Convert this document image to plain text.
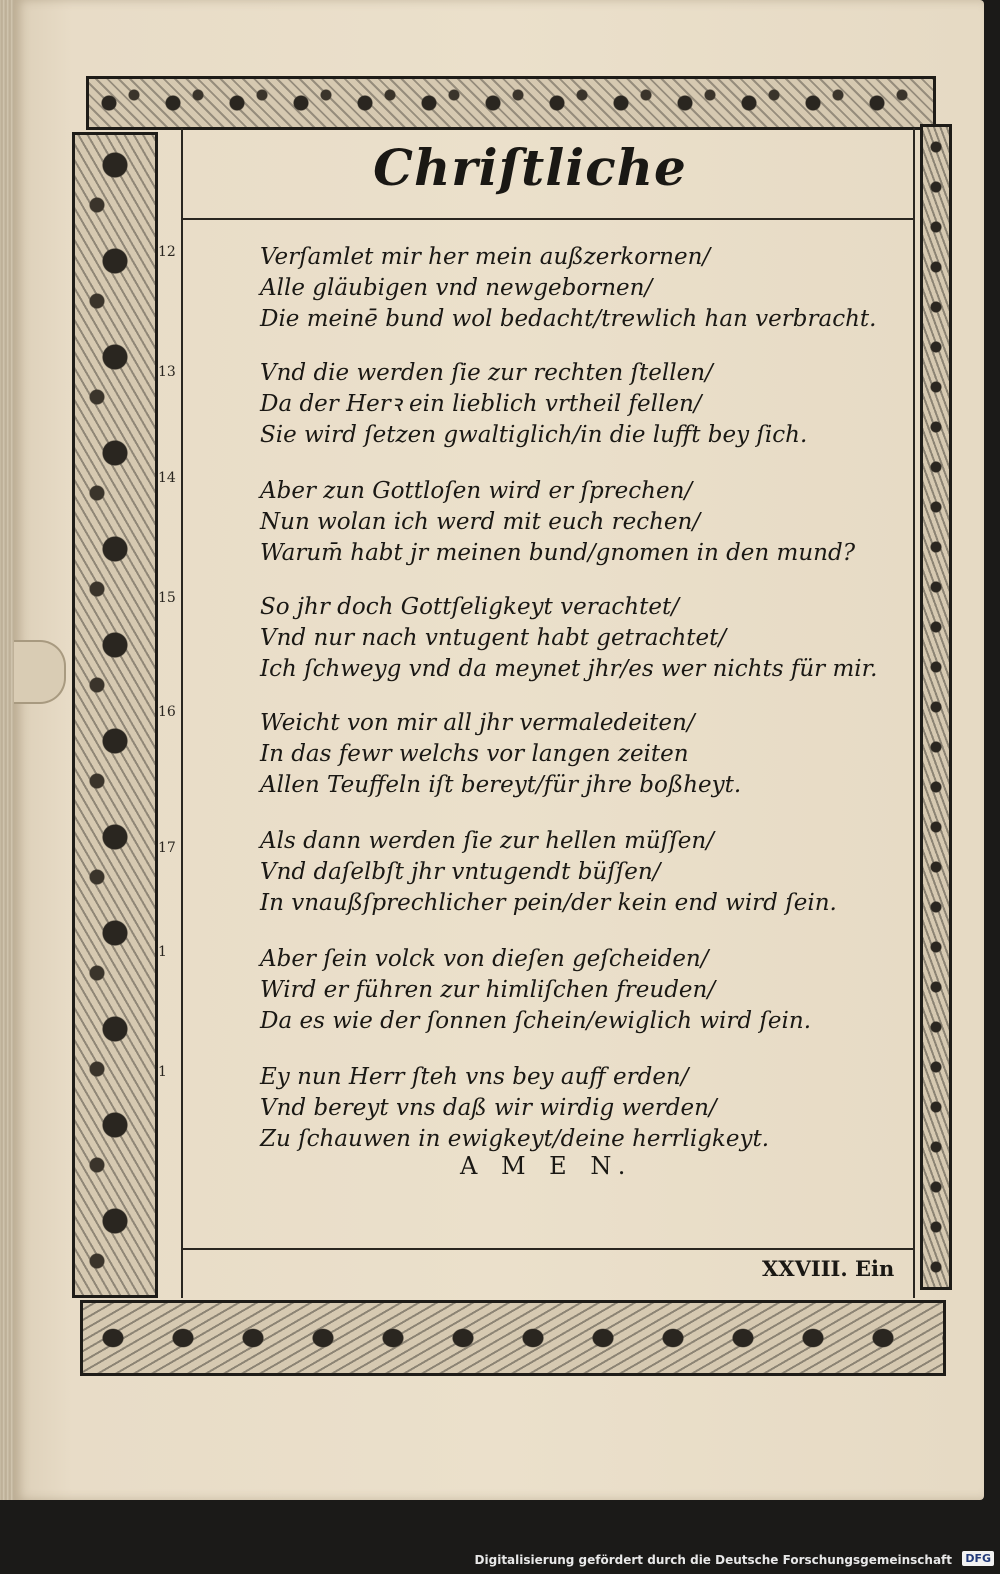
Chriſtliche
12	Verſamlet mir her mein außzerkornen/
Alle gläubigen vnd newgebornen/
Die meinē bund wol bedacht/trewlich han verbracht.
13	Vnd die werden ſie zur rechten ſtellen/
Da der Herꝛ ein lieblich vrtheil fellen/
Sie wird ſetzen gwaltiglich/in die lufft bey ſich.
14	Aber zun Gottloſen wird er ſprechen/
Nun wolan ich werd mit euch rechen/
Warum̄ habt jr meinen bund/gnomen in den mund?
15	So jhr doch Gottſeligkeyt verachtet/
Vnd nur nach vntugent habt getrachtet/
Ich ſchweyg vnd da meynet jhr/es wer nichts für mir.
16	Weicht von mir all jhr vermaledeiten/
In das fewr welchs vor langen zeiten
Allen Teuffeln iſt bereyt/für jhre boßheyt.
17	Als dann werden ſie zur hellen müſſen/
Vnd daſelbſt jhr vntugendt büſſen/
In vnaußſprechlicher pein/der kein end wird ſein.
1	Aber ſein volck von dieſen geſcheiden/
Wird er führen zur himliſchen freuden/
Da es wie der ſonnen ſchein/ewiglich wird ſein.
1	Ey nun Herr ſteh vns bey auff erden/
Vnd bereyt vns daß wir wirdig werden/
Zu ſchauwen in ewigkeyt/deine herrligkeyt.
A M E N.
XXVIII. Ein
Digitalisierung gefördert durch die Deutsche Forschungsgemeinschaft DFG
